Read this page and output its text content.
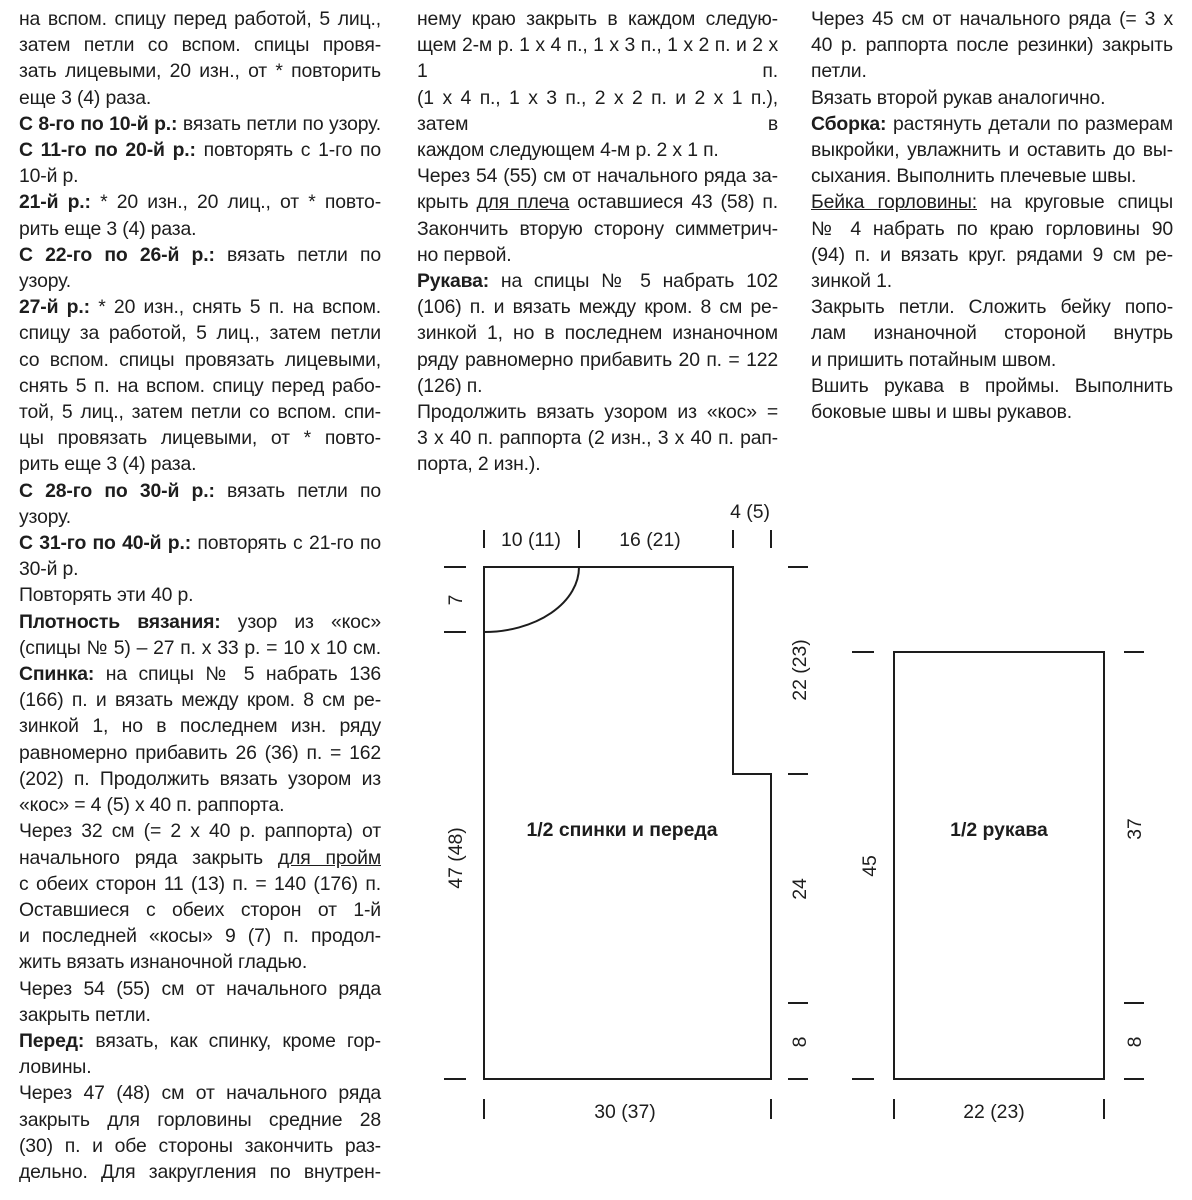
на вспом. спицу перед работой, 5 лиц.,

затем петли со вспом. спицы провя-

зать лицевыми, 20 изн., от * повторить

еще 3 (4) раза.

С 8-го по 10-й р.: вязать петли по узору.

С 11-го по 20-й р.: повторять с 1-го по

10-й р.

21-й р.: * 20 изн., 20 лиц., от * повто-

рить еще 3 (4) раза.

С 22-го по 26-й р.: вязать петли по узору.

27-й р.: * 20 изн., снять 5 п. на вспом.

спицу за работой, 5 лиц., затем петли

со вспом. спицы провязать лицевыми,

снять 5 п. на вспом. спицу перед рабо-

той, 5 лиц., затем петли со вспом. спи-

цы провязать лицевыми, от * повто-

рить еще 3 (4) раза.

С 28-го по 30-й р.: вязать петли по узору.

С 31-го по 40-й р.: повторять с 21-го по

30-й р.

Повторять эти 40 р.

Плотность вязания: узор из «кос»

(спицы № 5) – 27 п. х 33 р. = 10 х 10 см.

Спинка: на спицы № 5 набрать 136

(166) п. и вязать между кром. 8 см ре-

зинкой 1, но в последнем изн. ряду

равномерно прибавить 26 (36) п. = 162

(202) п. Продолжить вязать узором из

«кос» = 4 (5) х 40 п. раппорта.

Через 32 см (= 2 х 40 р. раппорта) от

начального ряда закрыть для пройм

с обеих сторон 11 (13) п. = 140 (176) п.

Оставшиеся с обеих сторон от 1-й

и последней «косы» 9 (7) п. продол-

жить вязать изнаночной гладью.

Через 54 (55) см от начального ряда

закрыть петли.

Перед: вязать, как спинку, кроме гор-

ловины.

Через 47 (48) см от начального ряда

закрыть для горловины средние 28

(30) п. и обе стороны закончить раз-

дельно. Для закругления по внутрен-

нему краю закрыть в каждом следую-

щем 2-м р. 1 х 4 п., 1 х 3 п., 1 х 2 п. и 2 х 1 п.

(1 х 4 п., 1 х 3 п., 2 х 2 п. и 2 х 1 п.), затем в

каждом следующем 4-м р. 2 х 1 п.

Через 54 (55) см от начального ряда за-

крыть для плеча оставшиеся 43 (58) п.

Закончить вторую сторону симметрич-

но первой.

Рукава: на спицы № 5 набрать 102

(106) п. и вязать между кром. 8 см ре-

зинкой 1, но в последнем изнаночном

ряду равномерно прибавить 20 п. = 122

(126) п.

Продолжить вязать узором из «кос» =

3 х 40 п. раппорта (2 изн., 3 х 40 п. рап-

порта, 2 изн.).

Через 45 см от начального ряда (= 3 х

40 р. раппорта после резинки) закрыть

петли.

Вязать второй рукав аналогично.

Сборка: растянуть детали по размерам

выкройки, увлажнить и оставить до вы-

сыхания. Выполнить плечевые швы.

Бейка горловины: на круговые спицы

№ 4 набрать по краю горловины 90

(94) п. и вязать круг. рядами 9 см ре-

зинкой 1.

Закрыть петли. Сложить бейку попо-

лам изнаночной стороной внутрь

и пришить потайным швом.

Вшить рукава в проймы. Выполнить

боковые швы и швы рукавов.

10 (11)	16 (21)
4 (5)
7
47 (48)
22 (23)
24
8
30 (37)
45
37
8
22 (23)
1/2 спинки и переда	1/2 рукава
